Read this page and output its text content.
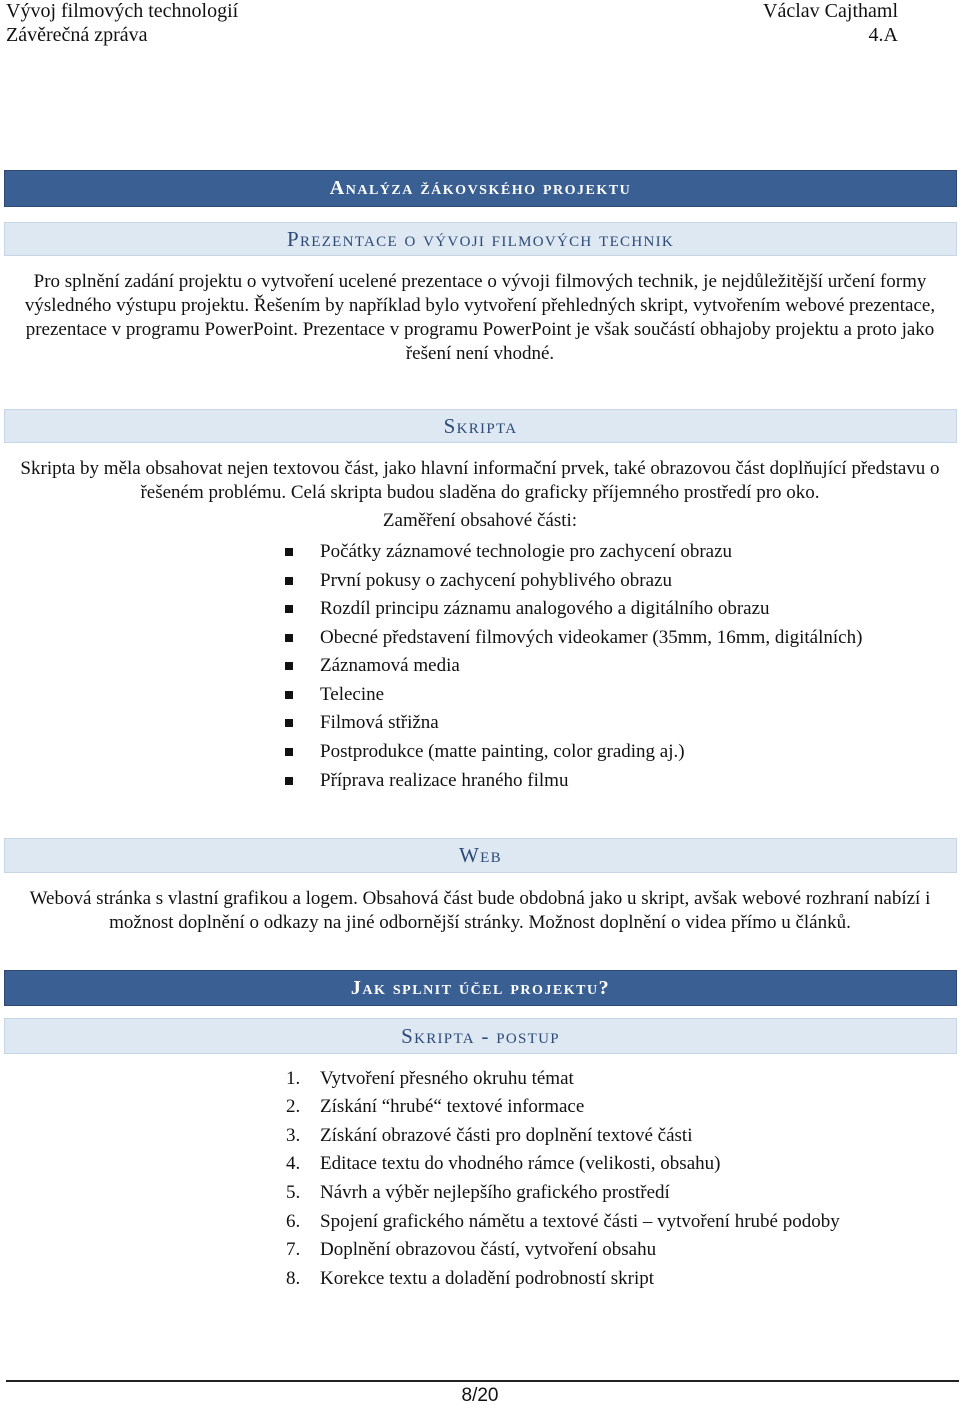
Vývoj filmových technologií	Václav Cajthaml
Závěrečná zpráva	4.A
Analýza žákovského projektu
Prezentace o vývoji filmových technik

Pro splnění zadání projektu o vytvoření ucelené prezentace o vývoji filmových technik, je nejdůležitější určení formy výsledného výstupu projektu. Řešením by například bylo vytvoření přehledných skript, vytvořením webové prezentace, prezentace v programu PowerPoint. Prezentace v programu PowerPoint je však součástí obhajoby projektu a proto jako řešení není vhodné.

Skripta

Skripta by měla obsahovat nejen textovou část, jako hlavní informační prvek, také obrazovou část doplňující představu o řešeném problému. Celá skripta budou sladěna do graficky příjemného prostředí pro oko.

Zaměření obsahové části:

Počátky záznamové technologie pro zachycení obrazu
První pokusy o zachycení pohyblivého obrazu
Rozdíl principu záznamu analogového a digitálního obrazu
Obecné představení filmových videokamer (35mm, 16mm, digitálních)
Záznamová media
Telecine
Filmová střižna
Postprodukce (matte painting, color grading aj.)
Příprava realizace hraného filmu
Web

Webová stránka s vlastní grafikou a logem. Obsahová část bude obdobná jako u skript, avšak webové rozhraní nabízí i možnost doplnění o odkazy na jiné odbornější stránky. Možnost doplnění o videa přímo u článků.

Jak splnit účel projektu?
Skripta - postup
1. Vytvoření přesného okruhu témat
2. Získání “hrubé“ textové informace
3. Získání obrazové části pro doplnění textové části
4. Editace textu do vhodného rámce (velikosti, obsahu)
5. Návrh a výběr nejlepšího grafického prostředí
6. Spojení grafického námětu a textové části – vytvoření hrubé podoby
7. Doplnění obrazovou částí, vytvoření obsahu
8. Korekce textu a doladění podrobností skript
8/20
